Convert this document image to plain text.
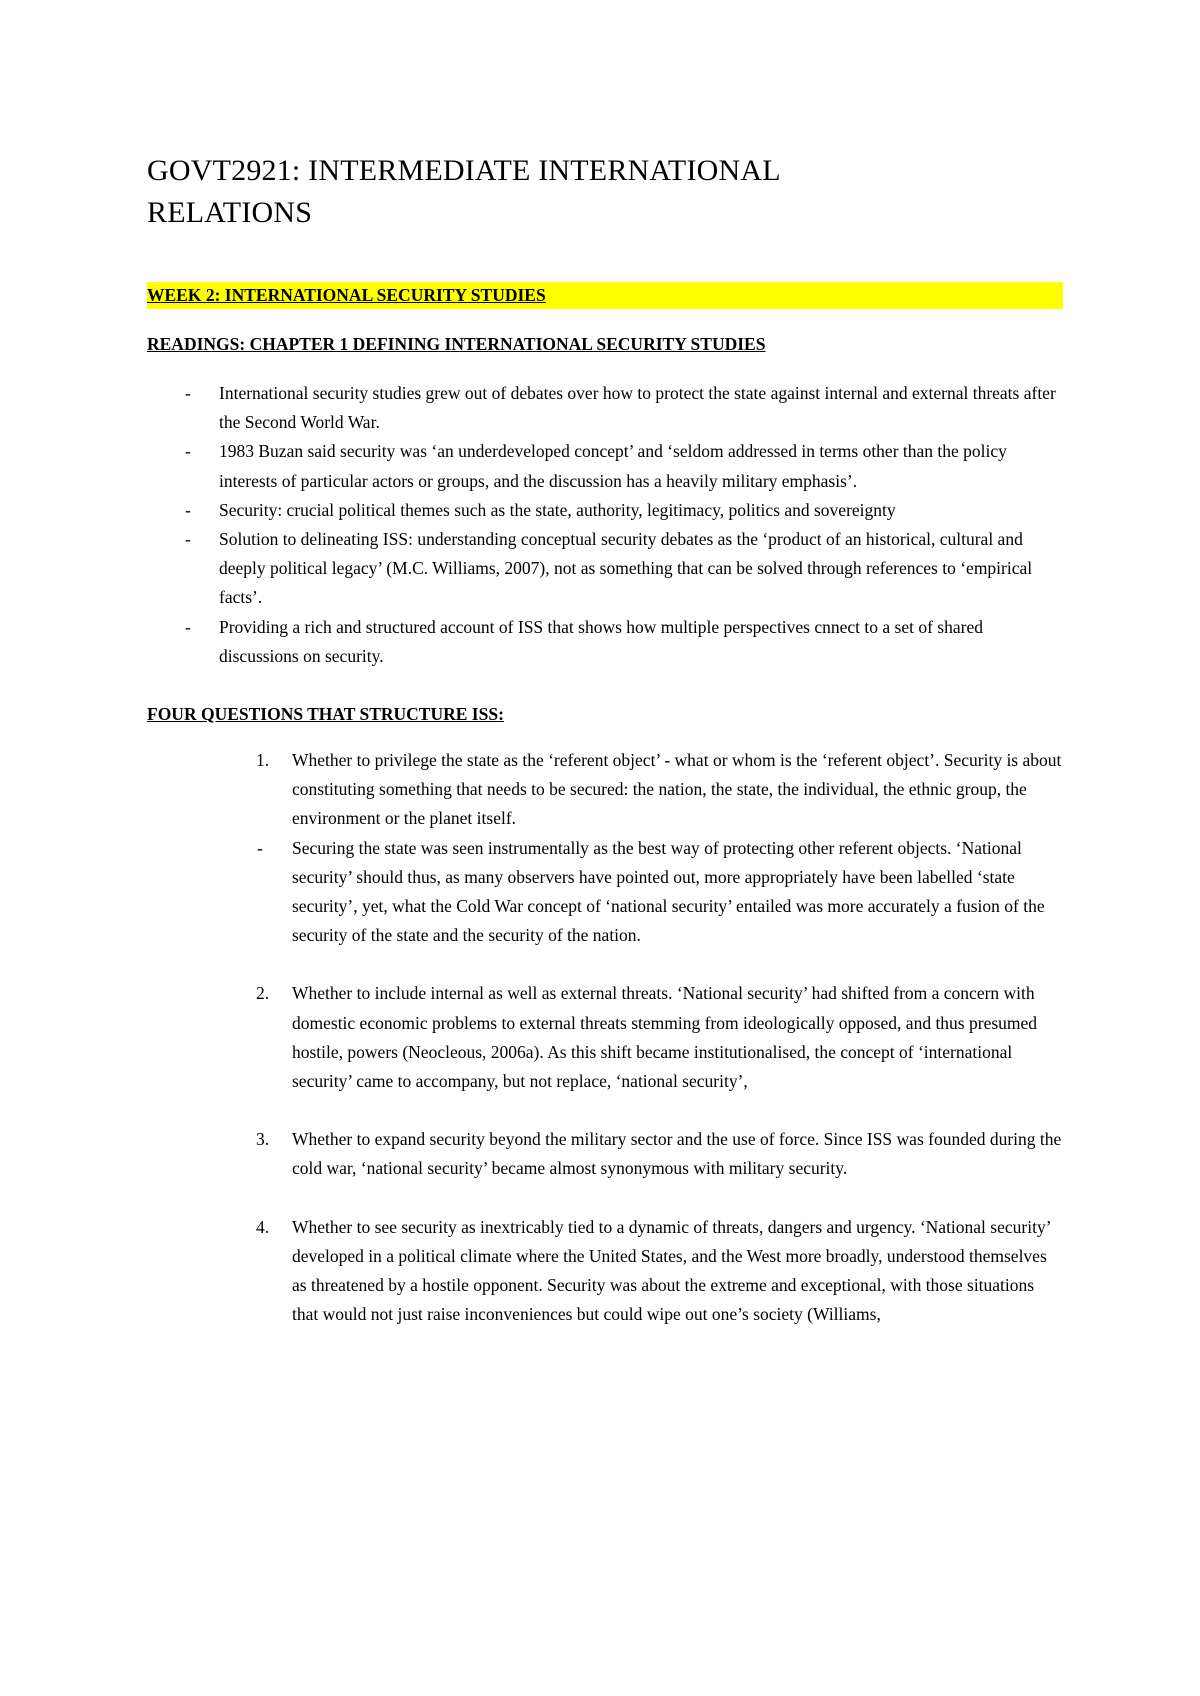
GOVT2921: INTERMEDIATE INTERNATIONAL
RELATIONS
WEEK 2: INTERNATIONAL SECURITY STUDIES

READINGS: CHAPTER 1 DEFINING INTERNATIONAL SECURITY STUDIES

- International security studies grew out of debates over how to protect the state against internal and external threats after the Second World War.
- 1983 Buzan said security was ‘an underdeveloped concept’ and ‘seldom addressed in terms other than the policy interests of particular actors or groups, and the discussion has a heavily military emphasis’.
- Security: crucial political themes such as the state, authority, legitimacy, politics and sovereignty
- Solution to delineating ISS: understanding conceptual security debates as the ‘product of an historical, cultural and deeply political legacy’ (M.C. Williams, 2007), not as something that can be solved through references to ‘empirical facts’.
- Providing a rich and structured account of ISS that shows how multiple perspectives cnnect to a set of shared discussions on security.

FOUR QUESTIONS THAT STRUCTURE ISS:

1. Whether to privilege the state as the ‘referent object’ - what or whom is the ‘referent object’. Security is about constituting something that needs to be secured: the nation, the state, the individual, the ethnic group, the environment or the planet itself.
- Securing the state was seen instrumentally as the best way of protecting other referent objects. ‘National security’ should thus, as many observers have pointed out, more appropriately have been labelled ‘state security’, yet, what the Cold War concept of ‘national security’ entailed was more accurately a fusion of the security of the state and the security of the nation.
2. Whether to include internal as well as external threats. ‘National security’ had shifted from a concern with domestic economic problems to external threats stemming from ideologically opposed, and thus presumed hostile, powers (Neocleous, 2006a). As this shift became institutionalised, the concept of ‘international security’ came to accompany, but not replace, ‘national security’,
3. Whether to expand security beyond the military sector and the use of force. Since ISS was founded during the cold war, ‘national security’ became almost synonymous with military security.
4. Whether to see security as inextricably tied to a dynamic of threats, dangers and urgency. ‘National security’ developed in a political climate where the United States, and the West more broadly, understood themselves as threatened by a hostile opponent. Security was about the extreme and exceptional, with those situations that would not just raise inconveniences but could wipe out one’s society (Williams,
